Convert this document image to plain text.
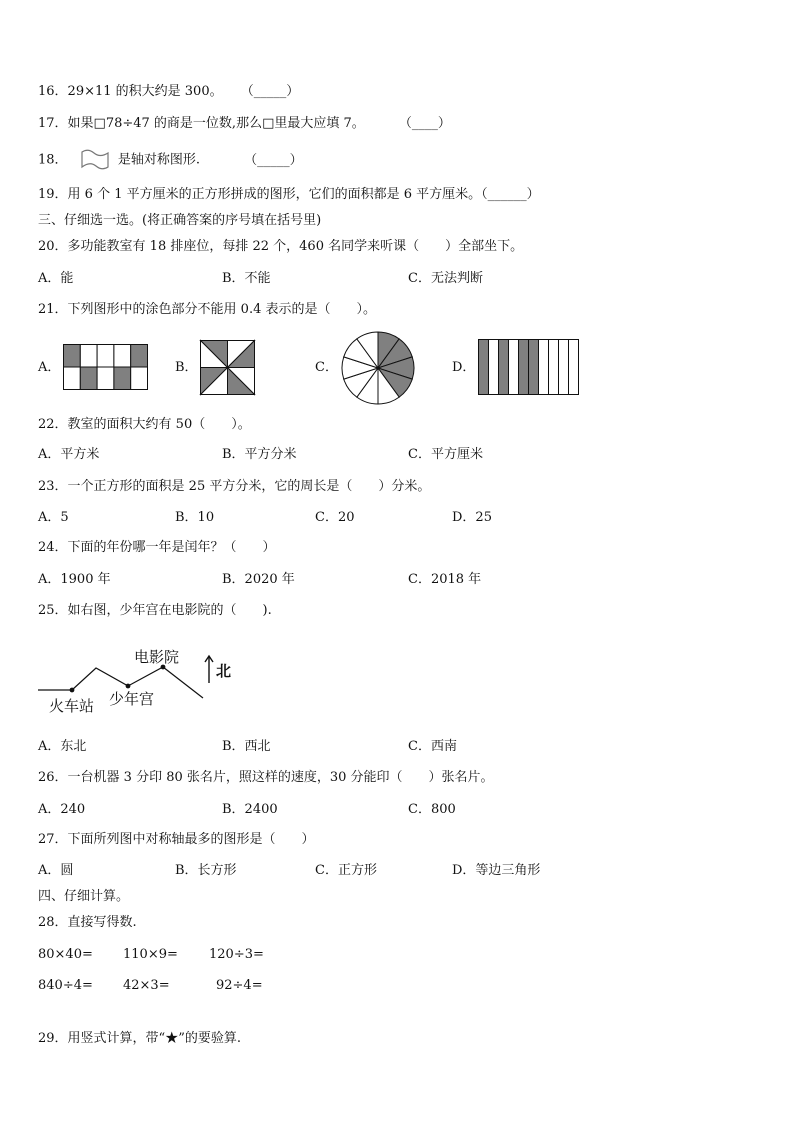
16．29×11 的积大约是 300。 （_____）
17．如果□78÷47 的商是一位数,那么□里最大应填 7。	（____）
18．	是轴对称图形.	（_____）
19．用 6 个 1 平方厘米的正方形拼成的图形，它们的面积都是 6 平方厘米。（______）
三、仔细选一选。(将正确答案的序号填在括号里)
20．多功能教室有 18 排座位，每排 22 个，460 名同学来听课（　　）全部坐下。
A．能	B．不能	C．无法判断
21．下列图形中的涂色部分不能用 0.4 表示的是（　　）。
A．	B．	C．	D．
22．教室的面积大约有 50（　　）。
A．平方米	B．平方分米	C．平方厘米
23．一个正方形的面积是 25 平方分米，它的周长是（　　）分米。
A．5	B．10	C．20	D．25
24．下面的年份哪一年是闰年？（　　）
A．1900 年	B．2020 年	C．2018 年
25．如右图，少年宫在电影院的（　　).
北
电影院
火车站 少年宫
A．东北	B．西北	C．西南
26．一台机器 3 分印 80 张名片，照这样的速度，30 分能印（　　）张名片。
A．240	B．2400	C．800
27．下面所列图中对称轴最多的图形是（　　）
A．圆	B．长方形	C．正方形	D．等边三角形
四、仔细计算。
28．直接写得数.
80×40= 110×9= 120÷3=
840÷4= 42×3=	92÷4=
29．用竖式计算，带“★”的要验算.
